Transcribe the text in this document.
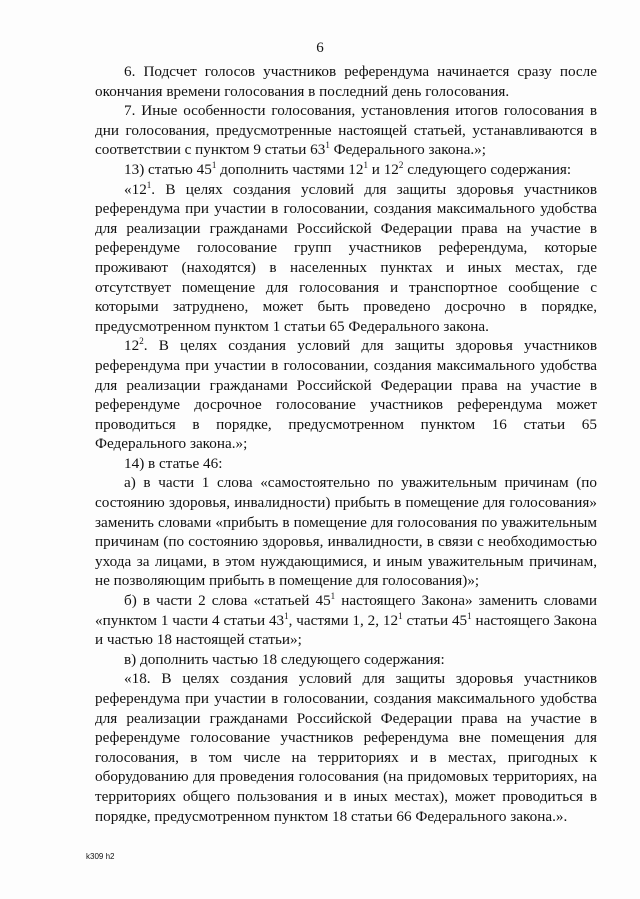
6

6. Подсчет голосов участников референдума начинается сразу после окончания времени голосования в последний день голосования.

7. Иные особенности голосования, установления итогов голосования в дни голосования, предусмотренные настоящей статьей, устанавливаются в соответствии с пунктом 9 статьи $63^1$ Федерального закона.»;

13) статью $45^1$ дополнить частями $12^1$ и $12^2$ следующего содержания:

«$12^1$. В целях создания условий для защиты здоровья участников референдума при участии в голосовании, создания максимального удобства для реализации гражданами Российской Федерации права на участие в референдуме голосование групп участников референдума, которые проживают (находятся) в населенных пунктах и иных местах, где отсутствует помещение для голосования и транспортное сообщение с которыми затруднено, может быть проведено досрочно в порядке, предусмотренном пунктом 1 статьи 65 Федерального закона.

$12^2$. В целях создания условий для защиты здоровья участников референдума при участии в голосовании, создания максимального удобства для реализации гражданами Российской Федерации права на участие в референдуме досрочное голосование участников референдума может проводиться в порядке, предусмотренном пунктом 16 статьи 65 Федерального закона.»;

14) в статье 46:

а) в части 1 слова «самостоятельно по уважительным причинам (по состоянию здоровья, инвалидности) прибыть в помещение для голосования» заменить словами «прибыть в помещение для голосования по уважительным причинам (по состоянию здоровья, инвалидности, в связи с необходимостью ухода за лицами, в этом нуждающимися, и иным уважительным причинам, не позволяющим прибыть в помещение для голосования)»;

б) в части 2 слова «статьей $45^1$ настоящего Закона» заменить словами «пунктом 1 части 4 статьи $43^1$, частями 1, 2, $12^1$ статьи $45^1$ настоящего Закона и частью 18 настоящей статьи»;

в) дополнить частью 18 следующего содержания:

«18. В целях создания условий для защиты здоровья участников референдума при участии в голосовании, создания максимального удобства для реализации гражданами Российской Федерации права на участие в референдуме голосование участников референдума вне помещения для голосования, в том числе на территориях и в местах, пригодных к оборудованию для проведения голосования (на придомовых территориях, на территориях общего пользования и в иных местах), может проводиться в порядке, предусмотренном пунктом 18 статьи 66 Федерального закона.».

k309 h2
